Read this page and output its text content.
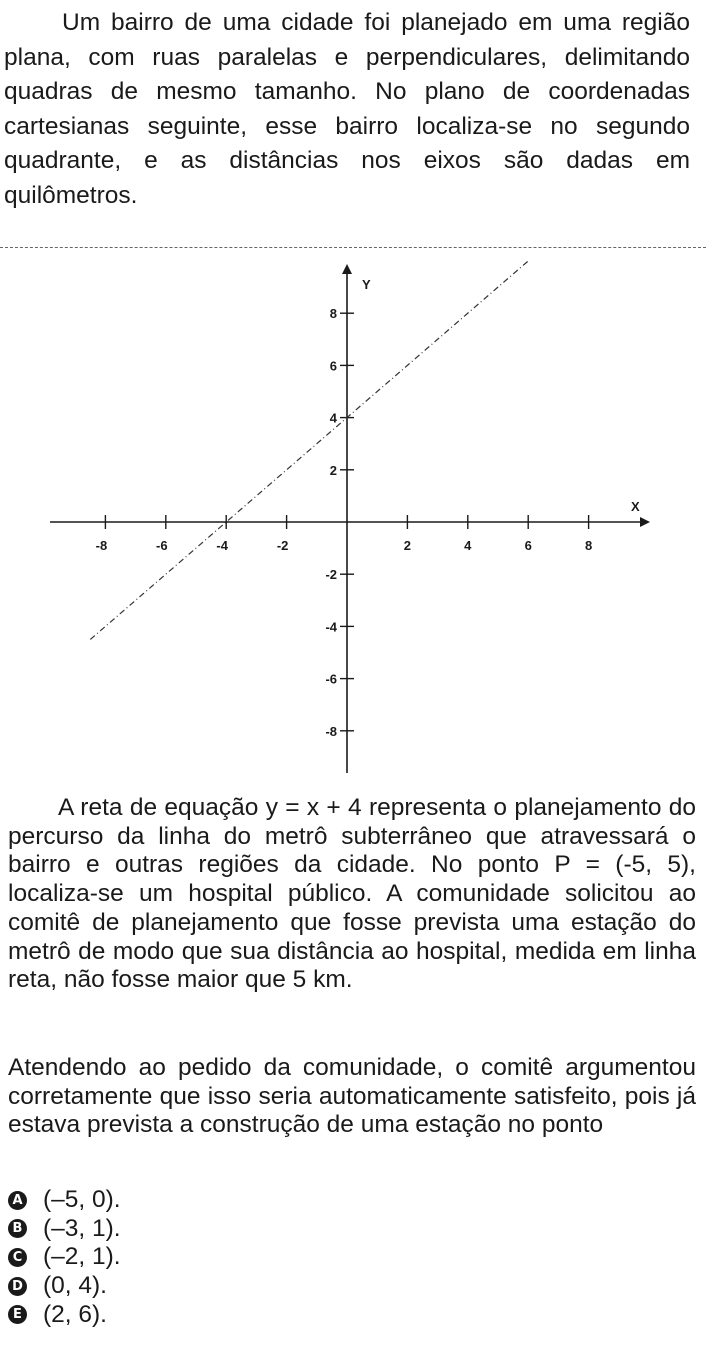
Um bairro de uma cidade foi planejado em uma região plana, com ruas paralelas e perpendiculares, delimitando quadras de mesmo tamanho. No plano de coordenadas cartesianas seguinte, esse bairro localiza-se no segundo quadrante, e as distâncias nos eixos são dadas em quilômetros.

Y
X
-8	-6	-4	-2	2	4	6	8
8
6
4
2
-2
-4
-6
-8

A reta de equação y = x + 4 representa o planejamento do percurso da linha do metrô subterrâneo que atravessará o bairro e outras regiões da cidade. No ponto P = (-5, 5), localiza-se um hospital público. A comunidade solicitou ao comitê de planejamento que fosse prevista uma estação do metrô de modo que sua distância ao hospital, medida em linha reta, não fosse maior que 5 km.

Atendendo ao pedido da comunidade, o comitê argumentou corretamente que isso seria automaticamente satisfeito, pois já estava prevista a construção de uma estação no ponto

A (–5, 0).
B (–3, 1).
C (–2, 1).
D (0, 4).
E (2, 6).
